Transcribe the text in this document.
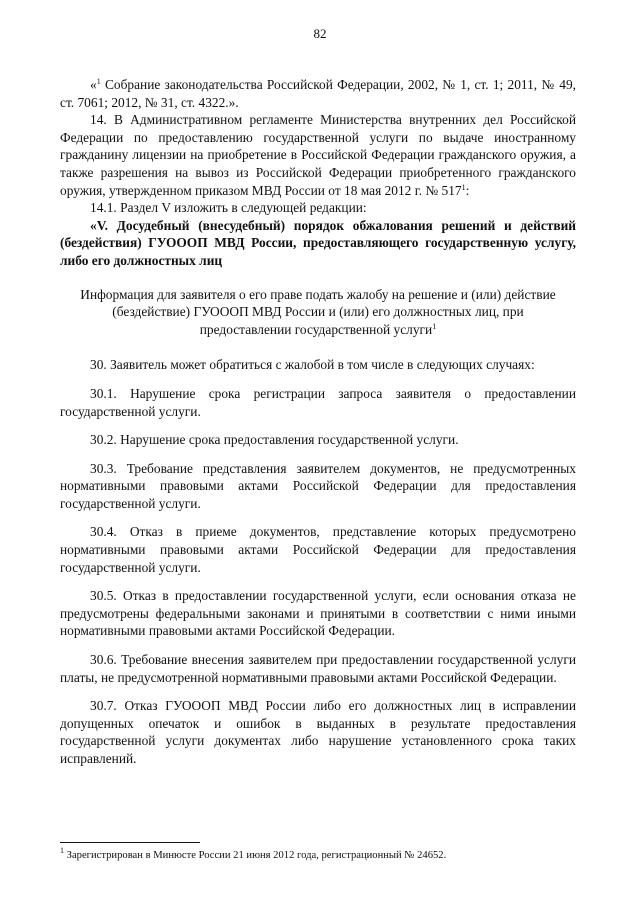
82

«$^1$ Собрание законодательства Российской Федерации, 2002, № 1, ст. 1; 2011, № 49, ст. 7061; 2012, № 31, ст. 4322.».

14. В Административном регламенте Министерства внутренних дел Российской Федерации по предоставлению государственной услуги по выдаче иностранному гражданину лицензии на приобретение в Российской Федерации гражданского оружия, а также разрешения на вывоз из Российской Федерации приобретенного гражданского оружия, утвержденном приказом МВД России от 18 мая 2012 г. № $517^1$:

14.1. Раздел V изложить в следующей редакции:

«V. Досудебный (внесудебный) порядок обжалования решений и действий (бездействия) ГУОООП МВД России, предоставляющего государственную услугу, либо его должностных лиц

Информация для заявителя о его праве подать жалобу на решение и (или) действие (бездействие) ГУОООП МВД России и (или) его должностных лиц, при предоставлении государственной услуги$^1$

30. Заявитель может обратиться с жалобой в том числе в следующих случаях:

30.1. Нарушение срока регистрации запроса заявителя о предоставлении государственной услуги.

30.2. Нарушение срока предоставления государственной услуги.

30.3. Требование представления заявителем документов, не предусмотренных нормативными правовыми актами Российской Федерации для предоставления государственной услуги.

30.4. Отказ в приеме документов, представление которых предусмотрено нормативными правовыми актами Российской Федерации для предоставления государственной услуги.

30.5. Отказ в предоставлении государственной услуги, если основания отказа не предусмотрены федеральными законами и принятыми в соответствии с ними иными нормативными правовыми актами Российской Федерации.

30.6. Требование внесения заявителем при предоставлении государственной услуги платы, не предусмотренной нормативными правовыми актами Российской Федерации.

30.7. Отказ ГУОООП МВД России либо его должностных лиц в исправлении допущенных опечаток и ошибок в выданных в результате предоставления государственной услуги документах либо нарушение установленного срока таких исправлений.

$^1$ Зарегистрирован в Минюсте России 21 июня 2012 года, регистрационный № 24652.
